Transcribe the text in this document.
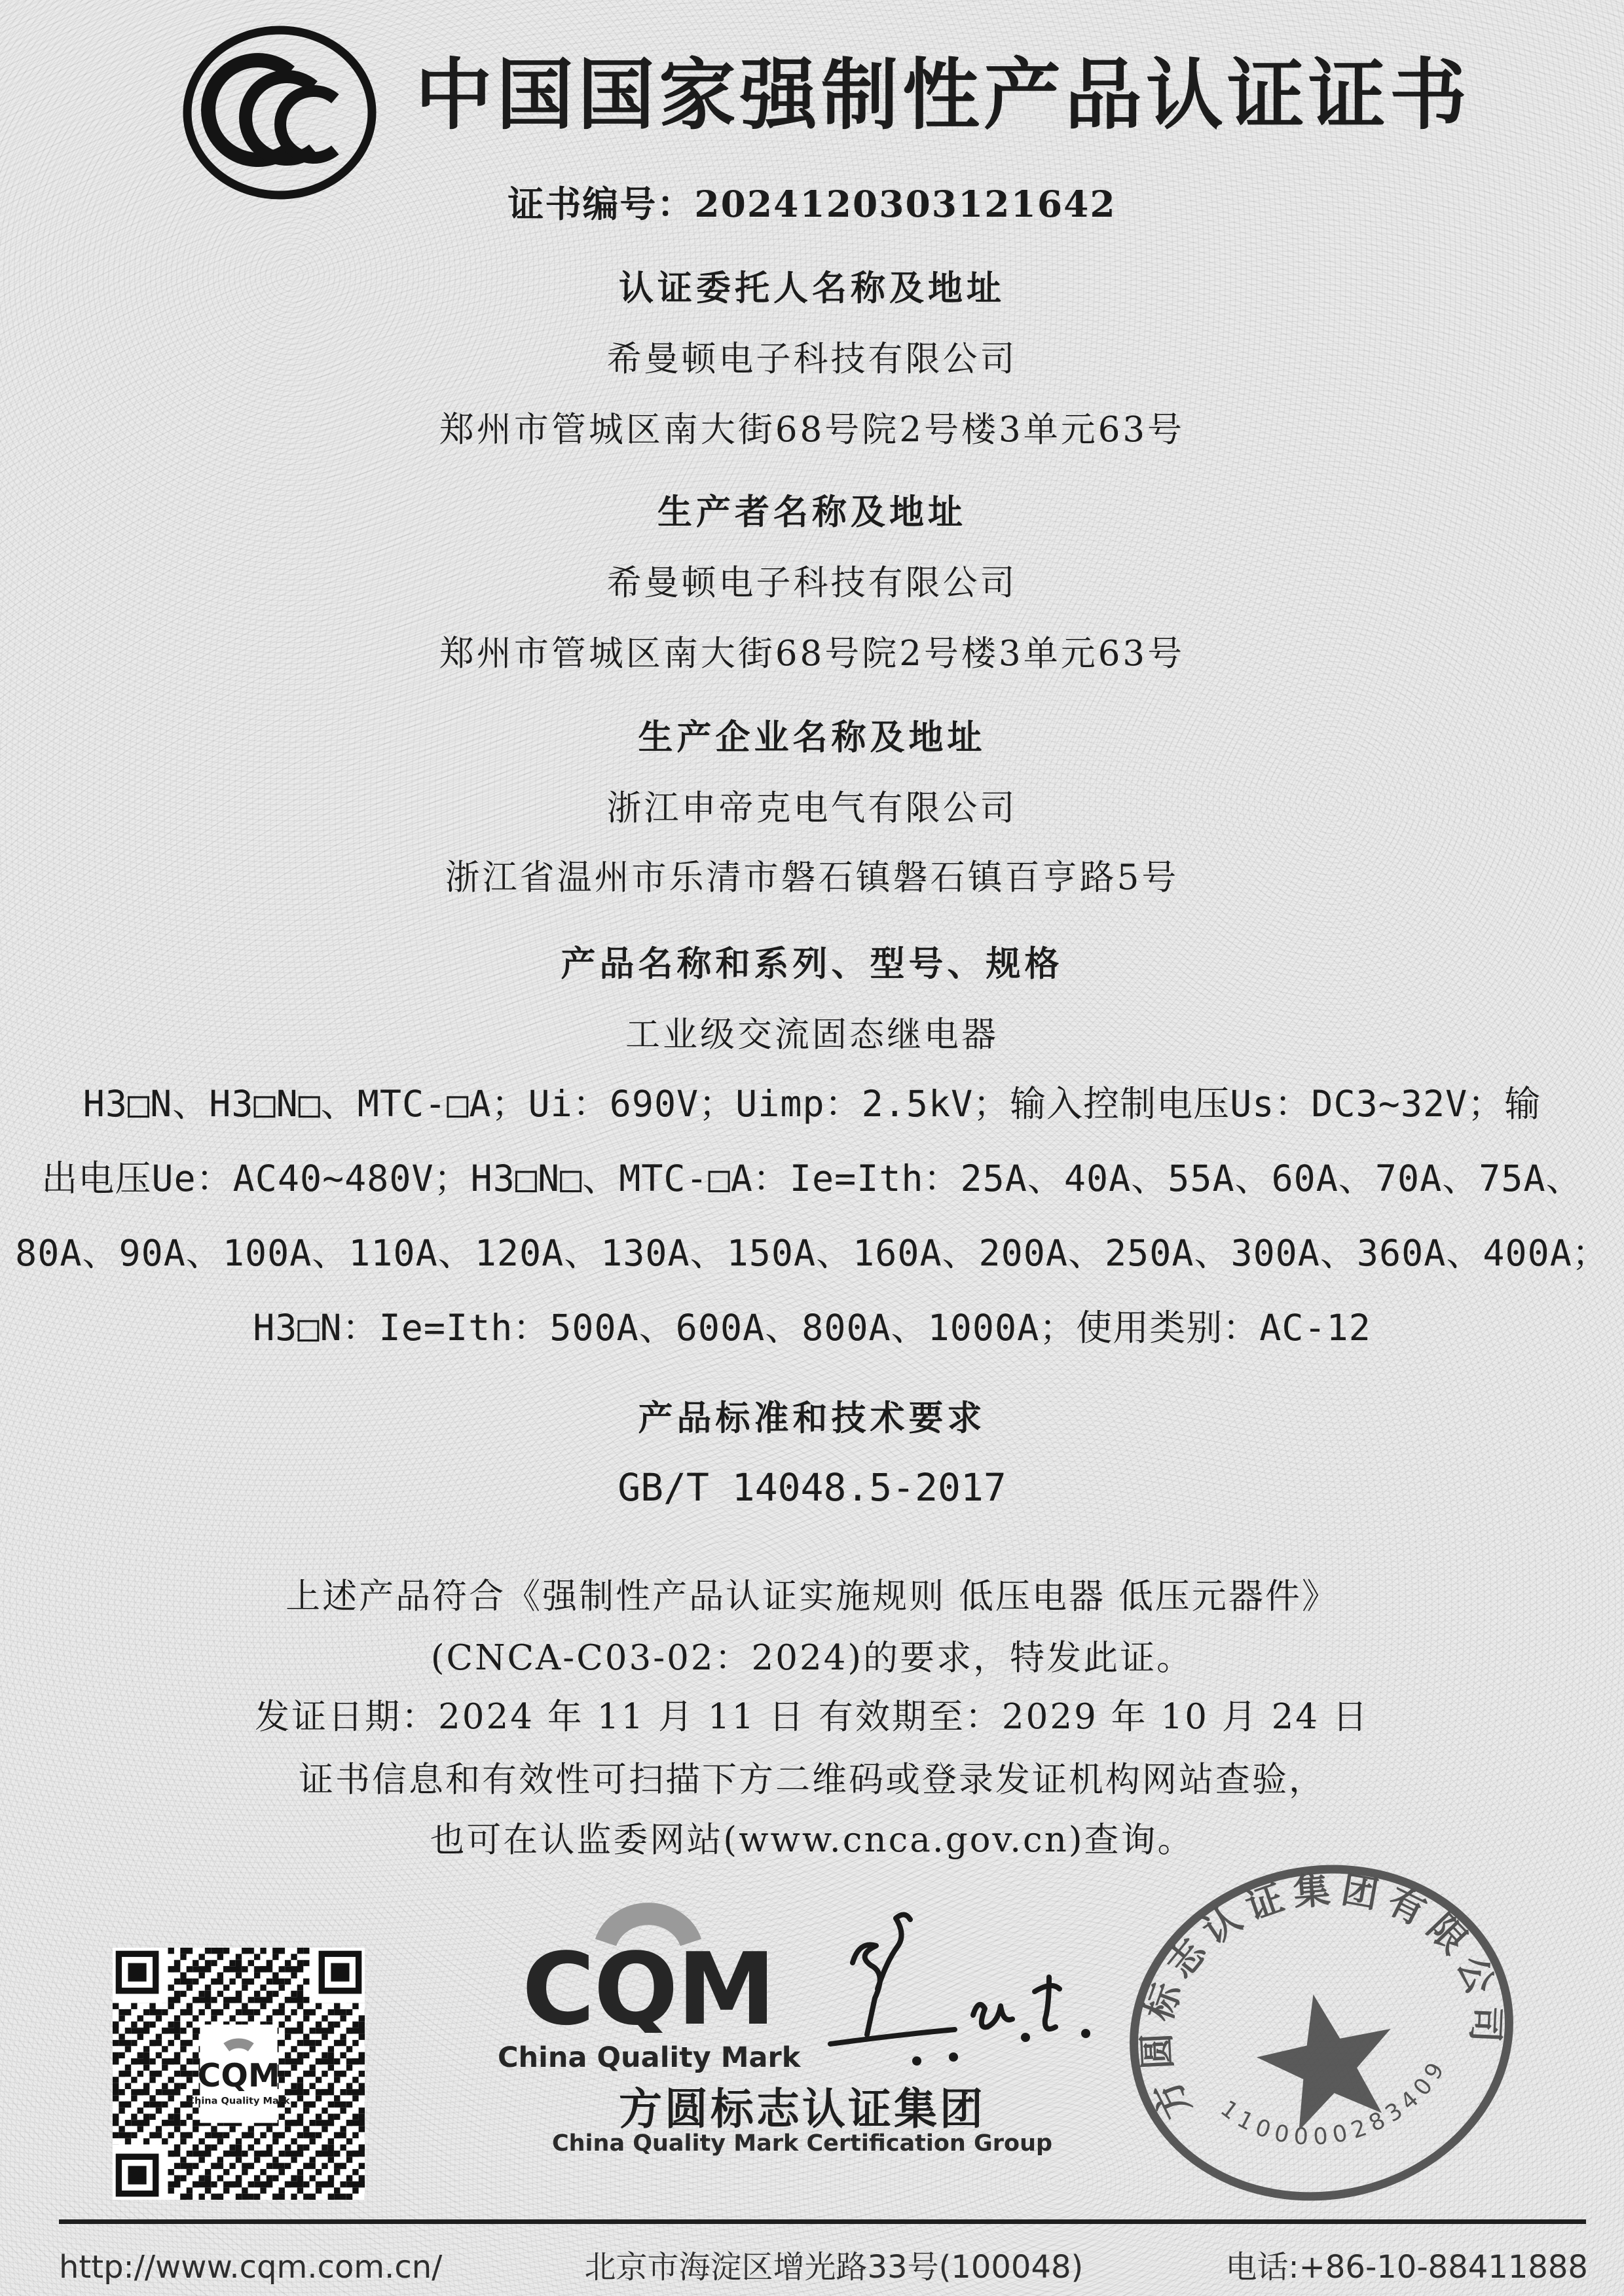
中国国家强制性产品认证证书
证书编号：2024120303121642
认证委托人名称及地址
希曼顿电子科技有限公司
郑州市管城区南大街68号院2号楼3单元63号
生产者名称及地址
希曼顿电子科技有限公司
郑州市管城区南大街68号院2号楼3单元63号
生产企业名称及地址
浙江申帝克电气有限公司
浙江省温州市乐清市磐石镇磐石镇百亨路5号
产品名称和系列、型号、规格
工业级交流固态继电器
H3□N、H3□N□、MTC-□A；Ui：690V；Uimp：2.5kV；输入控制电压Us：DC3~32V；输
出电压Ue：AC40~480V；H3□N□、MTC-□A：Ie=Ith：25A、40A、55A、60A、70A、75A、
80A、90A、100A、110A、120A、130A、150A、160A、200A、250A、300A、360A、400A；
H3□N：Ie=Ith：500A、600A、800A、1000A；使用类别：AC-12
产品标准和技术要求
GB/T 14048.5-2017
上述产品符合《强制性产品认证实施规则 低压电器 低压元器件》
(CNCA-C03-02：2024)的要求，特发此证。
发证日期：2024 年 11 月 11 日 有效期至：2029 年 10 月 24 日
证书信息和有效性可扫描下方二维码或登录发证机构网站查验，
也可在认监委网站(www.cnca.gov.cn)查询。
CQM
China Quality Mark
CQM
China Quality Mark
方圆标志认证集团
China Quality Mark Certification Group
方圆标志认证集团有限公司
1100000283409
http://www.cqm.com.cn/	北京市海淀区增光路33号(100048)	电话:+86-10-88411888
